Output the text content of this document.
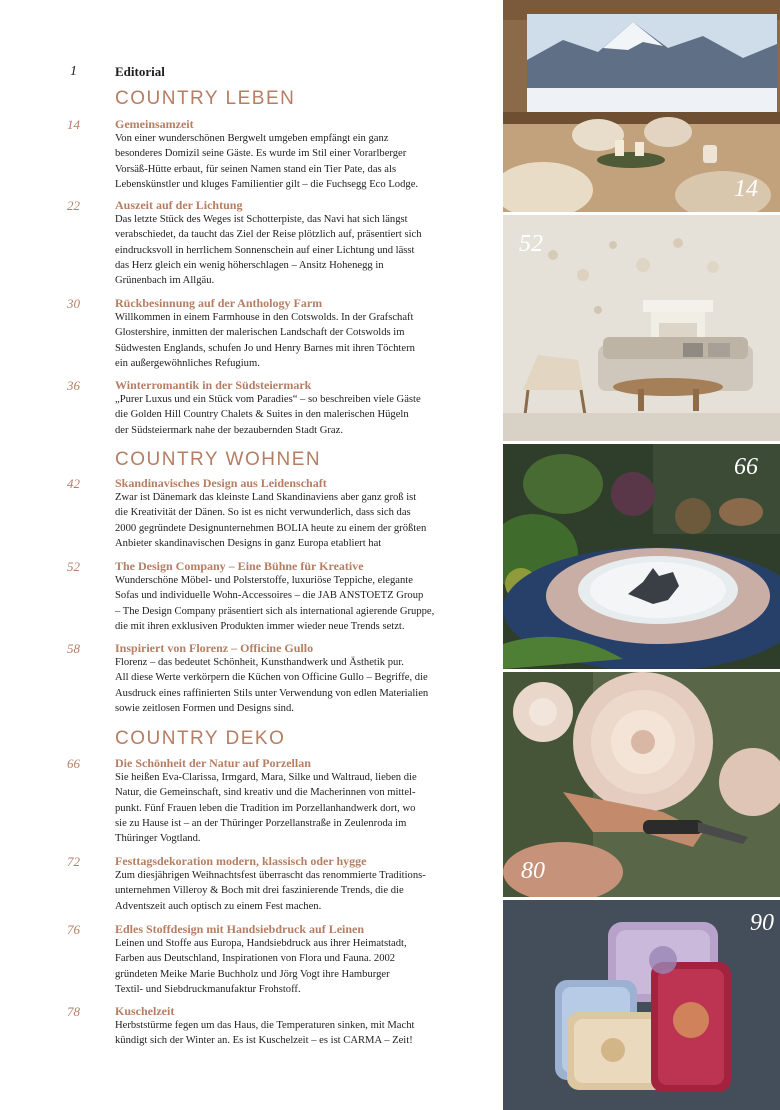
1	Editorial
COUNTRY LEBEN
14	Gemeinsamzeit
Von einer wunderschönen Bergwelt umgeben empfängt ein ganz
besonderes Domizil seine Gäste. Es wurde im Stil einer Vorarlberger
Vorsäß-Hütte erbaut, für seinen Namen stand ein Tier Pate, das als
Lebenskünstler und kluges Familientier gilt – die Fuchsegg Eco Lodge.
22	Auszeit auf der Lichtung
Das letzte Stück des Weges ist Schotterpiste, das Navi hat sich längst
verabschiedet, da taucht das Ziel der Reise plötzlich auf, präsentiert sich
eindrucksvoll in herrlichem Sonnenschein auf einer Lichtung und lässt
das Herz gleich ein wenig höherschlagen – Ansitz Hohenegg in
Grünenbach im Allgäu.
30	Rückbesinnung auf der Anthology Farm
Willkommen in einem Farmhouse in den Cotswolds. In der Grafschaft
Glostershire, inmitten der malerischen Landschaft der Cotswolds im
Südwesten Englands, schufen Jo und Henry Barnes mit ihren Töchtern
ein außergewöhnliches Refugium.
36	Winterromantik in der Südsteiermark
„Purer Luxus und ein Stück vom Paradies“ – so beschreiben viele Gäste
die Golden Hill Country Chalets & Suites in den malerischen Hügeln
der Südsteiermark nahe der bezaubernden Stadt Graz.
COUNTRY WOHNEN
42	Skandinavisches Design aus Leidenschaft
Zwar ist Dänemark das kleinste Land Skandinaviens aber ganz groß ist
die Kreativität der Dänen. So ist es nicht verwunderlich, dass sich das
2000 gegründete Designunternehmen BOLIA heute zu einem der größten
Anbieter skandinavischen Designs in ganz Europa etabliert hat
52	The Design Company – Eine Bühne für Kreative
Wunderschöne Möbel- und Polsterstoffe, luxuriöse Teppiche, elegante
Sofas und individuelle Wohn-Accessoires – die JAB ANSTOETZ Group
– The Design Company präsentiert sich als international agierende Gruppe,
die mit ihren exklusiven Produkten immer wieder neue Trends setzt.
58	Inspiriert von Florenz – Officine Gullo
Florenz – das bedeutet Schönheit, Kunsthandwerk und Ästhetik pur.
All diese Werte verkörpern die Küchen von Officine Gullo – Begriffe, die
Ausdruck eines raffinierten Stils unter Verwendung von edlen Materialien
sowie zeitlosen Formen und Designs sind.
COUNTRY DEKO
66	Die Schönheit der Natur auf Porzellan
Sie heißen Eva-Clarissa, Irmgard, Mara, Silke und Waltraud, lieben die
Natur, die Gemeinschaft, sind kreativ und die Macherinnen von mittel-
punkt. Fünf Frauen leben die Tradition im Porzellanhandwerk dort, wo
sie zu Hause ist – an der Thüringer Porzellanstraße in Zeulenroda im
Thüringer Vogtland.
72	Festtagsdekoration modern, klassisch oder hygge
Zum diesjährigen Weihnachtsfest überrascht das renommierte Traditions-
unternehmen Villeroy & Boch mit drei faszinierende Trends, die die
Adventszeit auch optisch zu einem Fest machen.
76	Edles Stoffdesign mit Handsiebdruck auf Leinen
Leinen und Stoffe aus Europa, Handsiebdruck aus ihrer Heimatstadt,
Farben aus Deutschland, Inspirationen von Flora und Fauna. 2002
gründeten Meike Marie Buchholz und Jörg Vogt ihre Hamburger
Textil- und Siebdruckmanufaktur Frohstoff.
78	Kuschelzeit
Herbststürme fegen um das Haus, die Temperaturen sinken, mit Macht
kündigt sich der Winter an. Es ist Kuschelzeit – es ist CARMA – Zeit!
14
52
66
80
90
